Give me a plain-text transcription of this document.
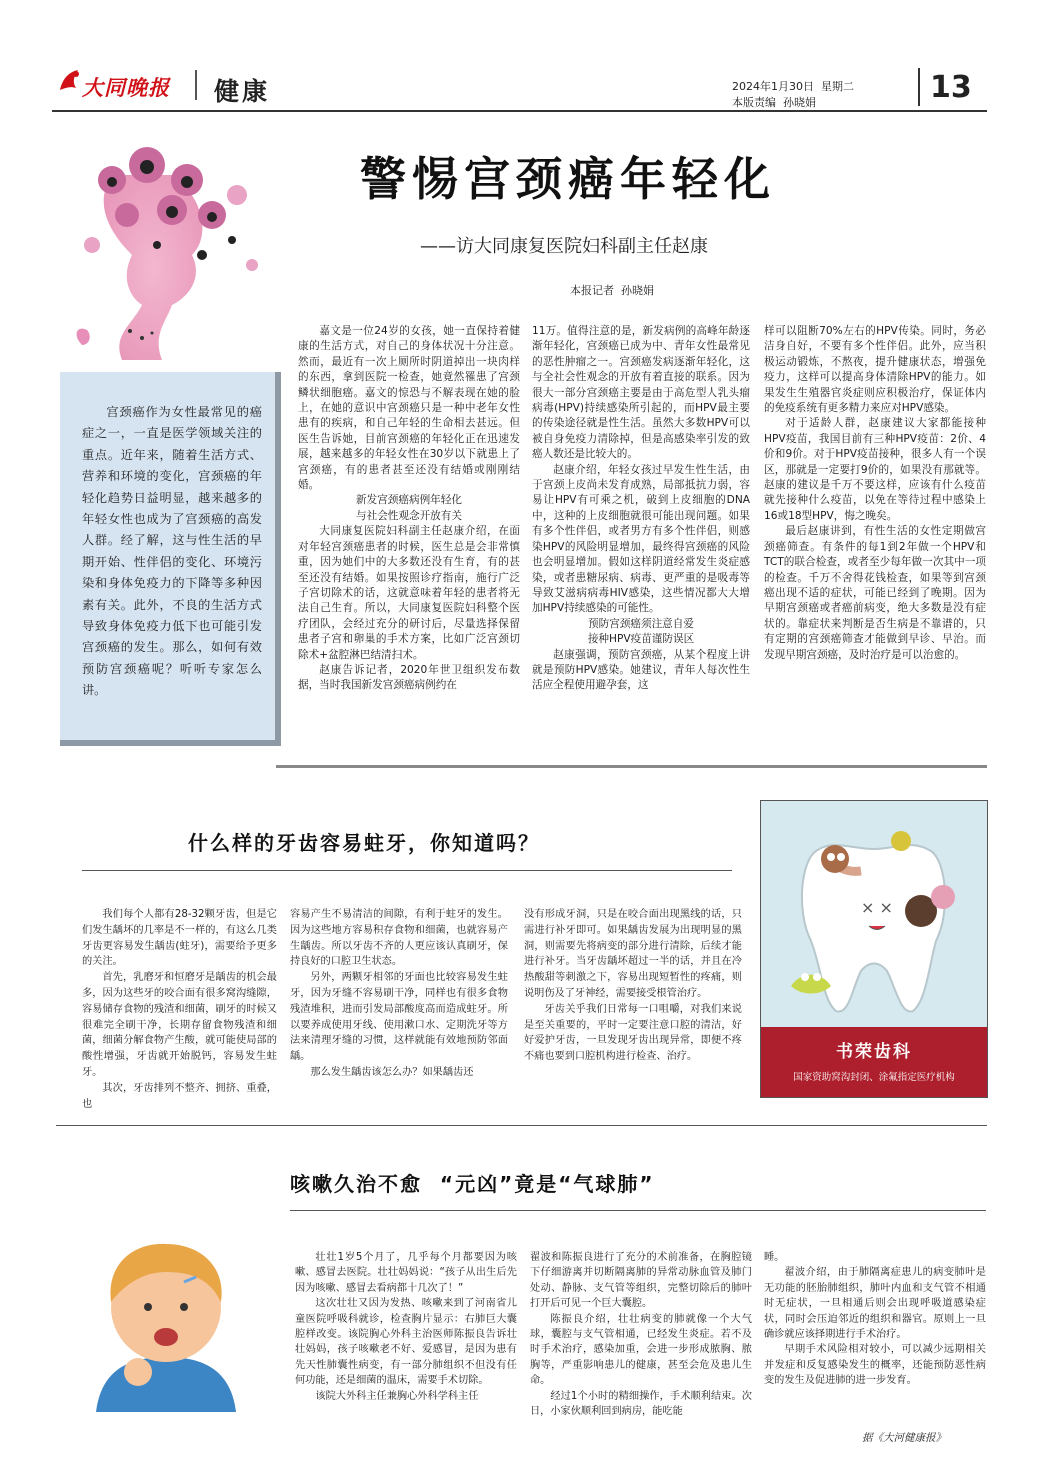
大同晚报 健康	2024年1月30日  星期二
本版责编  孙晓娟	13
警惕宫颈癌年轻化
——访大同康复医院妇科副主任赵康
本报记者  孙晓娟
宫颈癌作为女性最常见的癌症之一，一直是医学领域关注的重点。近年来，随着生活方式、营养和环境的变化，宫颈癌的年轻化趋势日益明显，越来越多的年轻女性也成为了宫颈癌的高发人群。经了解，这与性生活的早期开始、性伴侣的变化、环境污染和身体免疫力的下降等多种因素有关。此外，不良的生活方式导致身体免疫力低下也可能引发宫颈癌的发生。那么，如何有效预防宫颈癌呢？听听专家怎么讲。

嘉文是一位24岁的女孩，她一直保持着健康的生活方式，对自己的身体状况十分注意。然而，最近有一次上厕所时阴道掉出一块肉样的东西，拿到医院一检查，她竟然罹患了宫颈鳞状细胞癌。嘉文的惊恐与不解表现在她的脸上，在她的意识中宫颈癌只是一种中老年女性患有的疾病，和自己年轻的生命相去甚远。但医生告诉她，目前宫颈癌的年轻化正在迅速发展，越来越多的年轻女性在30岁以下就患上了宫颈癌，有的患者甚至还没有结婚或刚刚结婚。

新发宫颈癌病例年轻化

与社会性观念开放有关

大同康复医院妇科副主任赵康介绍，在面对年轻宫颈癌患者的时候，医生总是会非常慎重，因为她们中的大多数还没有生育，有的甚至还没有结婚。如果按照诊疗指南，施行广泛子宫切除术的话，这就意味着年轻的患者将无法自己生育。所以，大同康复医院妇科整个医疗团队，会经过充分的研讨后，尽量选择保留患者子宫和卵巢的手术方案，比如广泛宫颈切除术+盆腔淋巴结清扫术。

赵康告诉记者，2020年世卫组织发布数据，当时我国新发宫颈癌病例约在

11万。值得注意的是，新发病例的高峰年龄逐渐年轻化，宫颈癌已成为中、青年女性最常见的恶性肿瘤之一。宫颈癌发病逐渐年轻化，这与全社会性观念的开放有着直接的联系。因为很大一部分宫颈癌主要是由于高危型人乳头瘤病毒(HPV)持续感染所引起的，而HPV最主要的传染途径就是性生活。虽然大多数HPV可以被自身免疫力清除掉，但是高感染率引发的致癌人数还是比较大的。

赵康介绍，年轻女孩过早发生性生活，由于宫颈上皮尚未发育成熟，局部抵抗力弱，容易让HPV有可乘之机，破到上皮细胞的DNA中，这种的上皮细胞就很可能出现问题。如果有多个性伴侣，或者男方有多个性伴侣，则感染HPV的风险明显增加，最终得宫颈癌的风险也会明显增加。假如这样阴道经常发生炎症感染，或者患糖尿病、病毒、更严重的是吸毒等导致艾滋病病毒HIV感染，这些情况都大大增加HPV持续感染的可能性。

预防宫颈癌须注意自爱

接种HPV疫苗谨防误区

赵康强调，预防宫颈癌，从某个程度上讲就是预防HPV感染。她建议，青年人每次性生活应全程使用避孕套，这

样可以阻断70%左右的HPV传染。同时，务必洁身自好，不要有多个性伴侣。此外，应当积极运动锻炼，不熬夜，提升健康状态，增强免疫力，这样可以提高身体清除HPV的能力。如果发生生殖器官炎症则应积极治疗，保证体内的免疫系统有更多精力来应对HPV感染。

对于适龄人群，赵康建议大家都能接种HPV疫苗，我国目前有三种HPV疫苗：2价、4价和9价。对于HPV疫苗接种，很多人有一个误区，那就是一定要打9价的，如果没有那就等。赵康的建议是千万不要这样，应该有什么疫苗就先接种什么疫苗，以免在等待过程中感染上16或18型HPV，悔之晚矣。

最后赵康讲到，有性生活的女性定期做宫颈癌筛查。有条件的每1到2年做一个HPV和TCT的联合检查，或者至少每年做一次其中一项的检查。千万不舍得花钱检查，如果等到宫颈癌出现不适的症状，可能已经到了晚期。因为早期宫颈癌或者癌前病变，绝大多数是没有症状的。靠症状来判断是否生病是不靠谱的，只有定期的宫颈癌筛查才能做到早诊、早治。而发现早期宫颈癌，及时治疗是可以治愈的。

什么样的牙齿容易蛀牙，你知道吗？

我们每个人都有28-32颗牙齿，但是它们发生龋坏的几率是不一样的，有这么几类牙齿更容易发生龋齿(蛀牙)，需要给予更多的关注。

首先，乳磨牙和恒磨牙是龋齿的机会最多，因为这些牙的咬合面有很多窝沟缝隙，容易储存食物的残渣和细菌，刷牙的时候又很难完全刷干净，长期存留食物残渣和细菌，细菌分解食物产生酸，就可能使局部的酸性增强，牙齿就开始脱钙，容易发生蛀牙。

其次，牙齿排列不整齐、拥挤、重叠，也

容易产生不易清洁的间隙，有利于蛀牙的发生。因为这些地方容易积存食物和细菌，也就容易产生龋齿。所以牙齿不齐的人更应该认真刷牙，保持良好的口腔卫生状态。

另外，两颗牙相邻的牙面也比较容易发生蛀牙，因为牙缝不容易刷干净，同样也有很多食物残渣堆积，进而引发局部酸度高而造成蛀牙。所以要养成使用牙线、使用漱口水、定期洗牙等方法来清理牙缝的习惯，这样就能有效地预防邻面龋。

那么发生龋齿该怎么办？如果龋齿还

没有形成牙洞，只是在咬合面出现黑线的话，只需进行补牙即可。如果龋齿发展为出现明显的黑洞，则需要先将病变的部分进行清除，后续才能进行补牙。当牙齿龋坏超过一半的话，并且在冷热酸甜等刺激之下，容易出现短暂性的疼痛，则说明伤及了牙神经，需要接受根管治疗。

牙齿关乎我们日常每一口咀嚼，对我们来说是至关重要的，平时一定要注意口腔的清洁，好好爱护牙齿，一旦发现牙齿出现异常，即便不疼不痛也要到口腔机构进行检查、治疗。

× ×
书荣齿科
国家资助窝沟封闭、涂氟指定医疗机构
咳嗽久治不愈  “元凶”竟是“气球肺”

壮壮1岁5个月了，几乎每个月都要因为咳嗽、感冒去医院。壮壮妈妈说：“孩子从出生后先因为咳嗽、感冒去看病都十几次了！”

这次壮壮又因为发热、咳嗽来到了河南省儿童医院呼吸科就诊，检查胸片显示：右肺巨大囊腔样改变。该院胸心外科主治医师陈振良告诉壮壮妈妈，孩子咳嗽老不好、爱感冒，是因为患有先天性肺囊性病变，有一部分肺组织不但没有任何功能，还是细菌的温床，需要手术切除。

该院大外科主任兼胸心外科学科主任

翟波和陈振良进行了充分的术前准备，在胸腔镜下仔细游离并切断隔离肺的异常动脉血管及肺门处动、静脉、支气管等组织，完整切除后的肺叶打开后可见一个巨大囊腔。

陈振良介绍，壮壮病变的肺就像一个大气球，囊腔与支气管相通，已经发生炎症。若不及时手术治疗，感染加重，会进一步形成脓胸、脓胸等，严重影响患儿的健康，甚至会危及患儿生命。

经过1个小时的精细操作，手术顺利结束。次日，小家伙顺利回到病房，能吃能

睡。

翟波介绍，由于肺隔离症患儿的病变肺叶是无功能的胚胎肺组织，肺叶内血和支气管不相通时无症状，一旦相通后则会出现呼吸道感染症状，同时会压迫邻近的组织和器官。原则上一旦确诊就应该择期进行手术治疗。

早期手术风险相对较小，可以减少远期相关并发症和反复感染发生的概率，还能预防恶性病变的发生及促进肺的进一步发育。

据《大河健康报》
